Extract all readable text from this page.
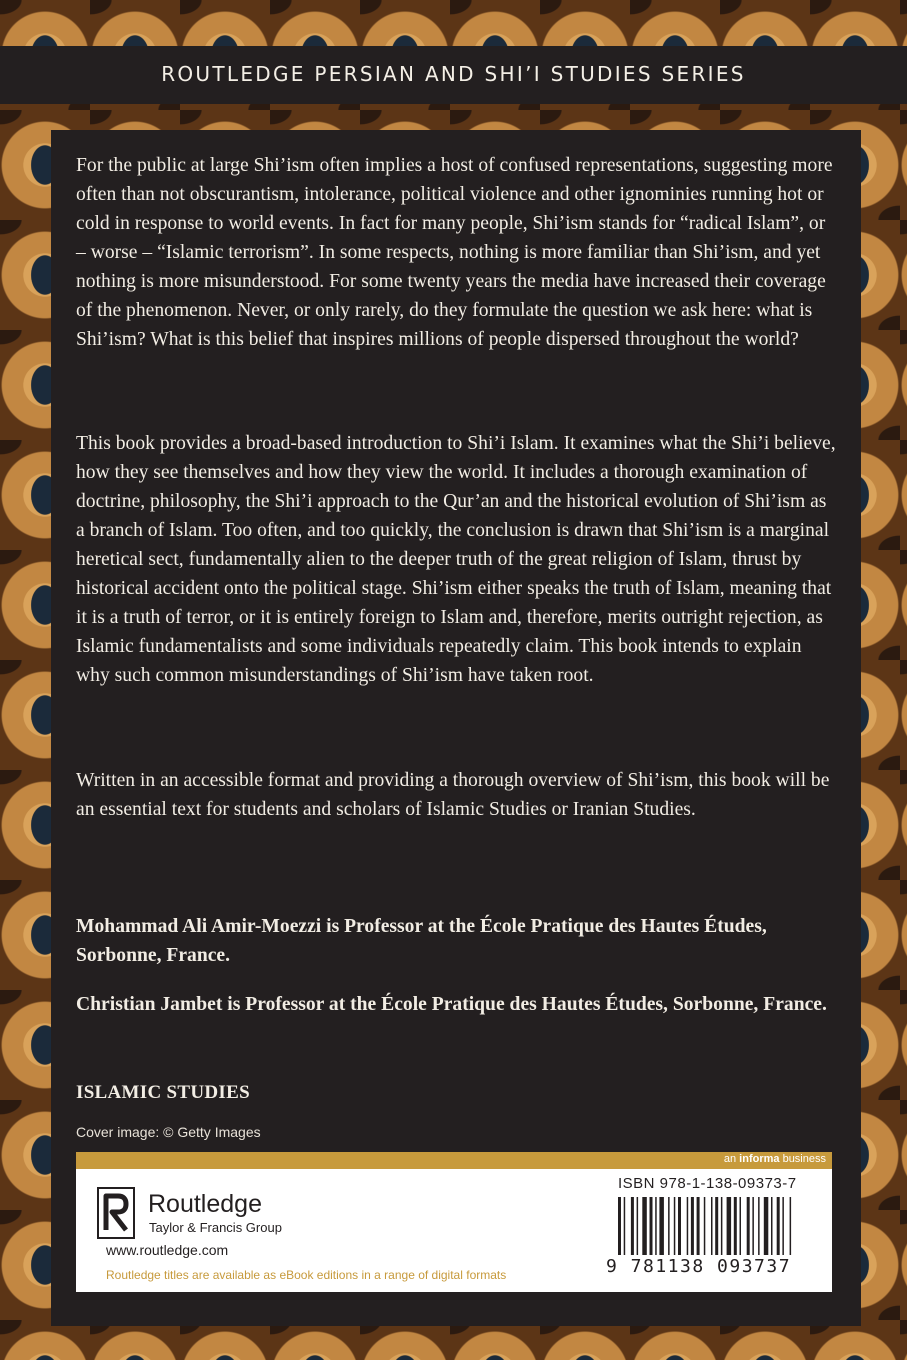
ROUTLEDGE PERSIAN AND SHI’I STUDIES SERIES

For the public at large Shi’ism often implies a host of confused representations, suggesting more often than not obscurantism, intolerance, political violence and other ignominies running hot or cold in response to world events. In fact for many people, Shi’ism stands for “radical Islam”, or – worse – “Islamic terrorism”. In some respects, nothing is more familiar than Shi’ism, and yet nothing is more misunderstood. For some twenty years the media have increased their coverage of the phenomenon. Never, or only rarely, do they formulate the question we ask here: what is Shi’ism? What is this belief that inspires millions of people dispersed throughout the world?

This book provides a broad-based introduction to Shi’i Islam. It examines what the Shi’i believe, how they see themselves and how they view the world. It includes a thorough examination of doctrine, philosophy, the Shi’i approach to the Qur’an and the historical evolution of Shi’ism as a branch of Islam. Too often, and too quickly, the conclusion is drawn that Shi’ism is a marginal heretical sect, fundamentally alien to the deeper truth of the great religion of Islam, thrust by historical accident onto the political stage. Shi’ism either speaks the truth of Islam, meaning that it is a truth of terror, or it is entirely foreign to Islam and, therefore, merits outright rejection, as Islamic fundamentalists and some individuals repeatedly claim. This book intends to explain why such common misunderstandings of Shi’ism have taken root.

Written in an accessible format and providing a thorough overview of Shi’ism, this book will be an essential text for students and scholars of Islamic Studies or Iranian Studies.

Mohammad Ali Amir-Moezzi is Professor at the École Pratique des Hautes Études, Sorbonne, France.

Christian Jambet is Professor at the École Pratique des Hautes Études, Sorbonne, France.

ISLAMIC STUDIES
Cover image: © Getty Images
an informa business
Routledge
Taylor & Francis Group
www.routledge.com
Routledge titles are available as eBook editions in a range of digital formats
ISBN 978-1-138-09373-7
9 781138 093737
